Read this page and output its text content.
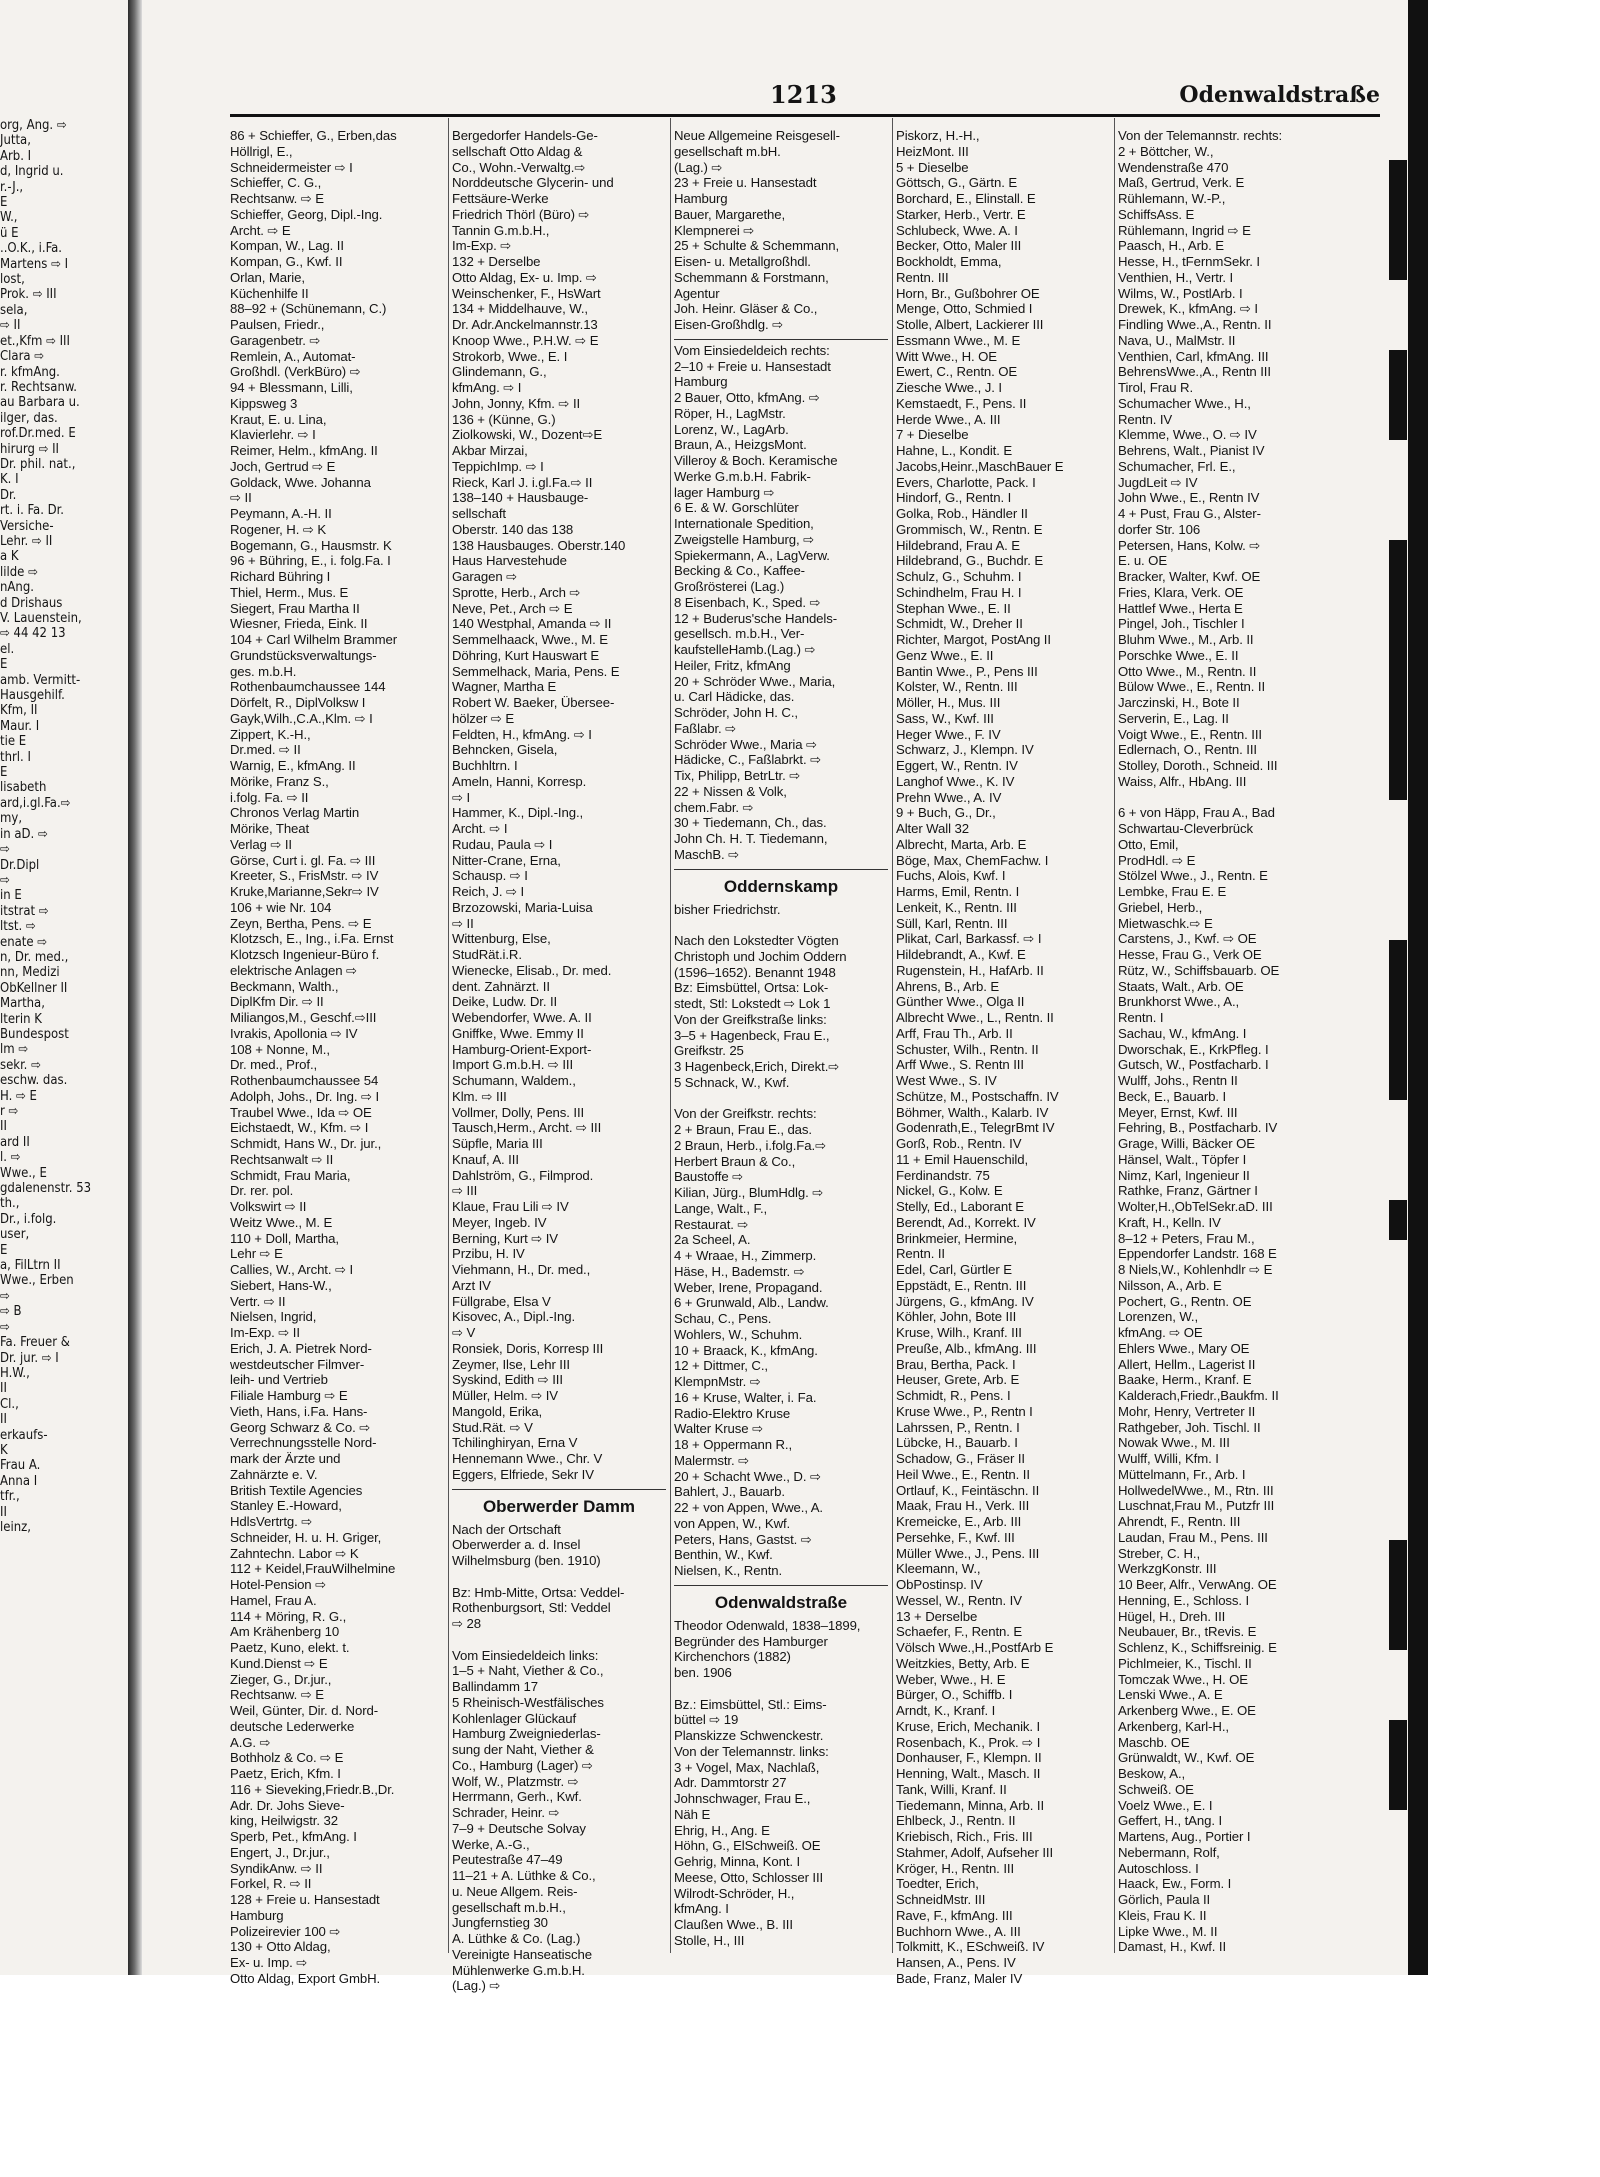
org, Ang. ⇨
Jutta,
Arb. I
d, Ingrid u.
r.-J.,
E
W.,
ü E
..O.K., i.Fa.
Martens ⇨ I
lost,
Prok. ⇨ III
sela,
⇨ II
et.,Kfm ⇨ III
Clara ⇨
r. kfmAng.
r. Rechtsanw.
au Barbara u.
ilger, das.
rof.Dr.med. E
hirurg ⇨ II
Dr. phil. nat.,
K. I
Dr.
rt. i. Fa. Dr.
Versiche-
Lehr. ⇨ II
a K
lilde ⇨
nAng.
d Drishaus
V. Lauenstein,
⇨ 44 42 13
el.
E
amb. Vermitt-
Hausgehilf.
Kfm, II
Maur. I
tie E
thrl. I
E
lisabeth
ard,i.gl.Fa.⇨
my,
in aD. ⇨
⇨
Dr.Dipl
⇨
in E
itstrat ⇨
ltst. ⇨
enate ⇨
n, Dr. med.,
nn, Medizi
ObKellner II
Martha,
lterin K
Bundespost
lm ⇨
sekr. ⇨
eschw. das.
H. ⇨ E
r ⇨
II
ard II
l. ⇨
Wwe., E
gdalenenstr. 53
th.,
Dr., i.folg.
user,
E
a, FilLtrn II
Wwe., Erben
⇨
⇨ B
⇨
Fa. Freuer &
Dr. jur. ⇨ I
H.W.,
II
Cl.,
II
erkaufs-
K
Frau A.
Anna I
tfr.,
II
leinz,
1213	Odenwaldstraße
86 + Schieffer, G., Erben,das
Höllrigl, E.,
Schneidermeister ⇨ I
Schieffer, C. G.,
Rechtsanw. ⇨ E
Schieffer, Georg, Dipl.-Ing.
Archt. ⇨ E
Kompan, W., Lag. II
Kompan, G., Kwf. II
Orlan, Marie,
Küchenhilfe II
88–92 + (Schünemann, C.)
Paulsen, Friedr.,
Garagenbetr. ⇨
Remlein, A., Automat-
Großhdl. (VerkBüro) ⇨
94 + Blessmann, Lilli,
Kippsweg 3
Kraut, E. u. Lina,
Klavierlehr. ⇨ I
Reimer, Helm., kfmAng. II
Joch, Gertrud ⇨ E
Goldack, Wwe. Johanna
⇨ II
Peymann, A.-H. II
Rogener, H. ⇨ K
Bogemann, G., Hausmstr. K
96 + Bühring, E., i. folg.Fa. I
Richard Bühring I
Thiel, Herm., Mus. E
Siegert, Frau Martha II
Wiesner, Frieda, Eink. II
104 + Carl Wilhelm Brammer
Grundstücksverwaltungs-
ges. m.b.H.
Rothenbaumchaussee 144
Dörfelt, R., DiplVolksw I
Gayk,Wilh.,C.A.,Klm. ⇨ I
Zippert, K.-H.,
Dr.med. ⇨ II
Warnig, E., kfmAng. II
Mörike, Franz S.,
i.folg. Fa. ⇨ II
Chronos Verlag Martin
Mörike, Theat
Verlag ⇨ II
Görse, Curt i. gl. Fa. ⇨ III
Kreeter, S., FrisMstr. ⇨ IV
Kruke,Marianne,Sekr⇨ IV
106 + wie Nr. 104
Zeyn, Bertha, Pens. ⇨ E
Klotzsch, E., Ing., i.Fa. Ernst
Klotzsch Ingenieur-Büro f.
elektrische Anlagen ⇨
Beckmann, Walth.,
DiplKfm Dir. ⇨ II
Miliangos,M., Geschf.⇨III
Ivrakis, Apollonia ⇨ IV
108 + Nonne, M.,
Dr. med., Prof.,
Rothenbaumchaussee 54
Adolph, Johs., Dr. Ing. ⇨ I
Traubel Wwe., Ida ⇨ OE
Eichstaedt, W., Kfm. ⇨ I
Schmidt, Hans W., Dr. jur.,
Rechtsanwalt ⇨ II
Schmidt, Frau Maria,
Dr. rer. pol.
Volkswirt ⇨ II
Weitz Wwe., M. E
110 + Doll, Martha,
Lehr ⇨ E
Callies, W., Archt. ⇨ I
Siebert, Hans-W.,
Vertr. ⇨ II
Nielsen, Ingrid,
Im-Exp. ⇨ II
Erich, J. A. Pietrek Nord-
westdeutscher Filmver-
leih- und Vertrieb
Filiale Hamburg ⇨ E
Vieth, Hans, i.Fa. Hans-
Georg Schwarz & Co. ⇨
Verrechnungsstelle Nord-
mark der Ärzte und
Zahnärzte e. V.
British Textile Agencies
Stanley E.-Howard,
HdlsVertrtg. ⇨
Schneider, H. u. H. Griger,
Zahntechn. Labor ⇨ K
112 + Keidel,FrauWilhelmine
Hotel-Pension ⇨
Hamel, Frau A.
114 + Möring, R. G.,
Am Krähenberg 10
Paetz, Kuno, elekt. t.
Kund.Dienst ⇨ E
Zieger, G., Dr.jur.,
Rechtsanw. ⇨ E
Weil, Günter, Dir. d. Nord-
deutsche Lederwerke
A.G. ⇨
Bothholz & Co. ⇨ E
Paetz, Erich, Kfm. I
116 + Sieveking,Friedr.B.,Dr.
Adr. Dr. Johs Sieve-
king, Heilwigstr. 32
Sperb, Pet., kfmAng. I
Engert, J., Dr.jur.,
SyndikAnw. ⇨ II
Forkel, R. ⇨ II
128 + Freie u. Hansestadt
Hamburg
Polizeirevier 100 ⇨
130 + Otto Aldag,
Ex- u. Imp. ⇨
Otto Aldag, Export GmbH.
Bergedorfer Handels-Ge-
sellschaft Otto Aldag &
Co., Wohn.-Verwaltg.⇨
Norddeutsche Glycerin- und
Fettsäure-Werke
Friedrich Thörl (Büro) ⇨
Tannin G.m.b.H.,
Im-Exp. ⇨
132 + Derselbe
Otto Aldag, Ex- u. Imp. ⇨
Weinschenker, F., HsWart
134 + Middelhauve, W.,
Dr. Adr.Anckelmannstr.13
Knoop Wwe., P.H.W. ⇨ E
Strokorb, Wwe., E. I
Glindemann, G.,
kfmAng. ⇨ I
John, Jonny, Kfm. ⇨ II
136 + (Künne, G.)
Ziolkowski, W., Dozent⇨E
Akbar Mirzai,
TeppichImp. ⇨ I
Rieck, Karl J. i.gl.Fa.⇨ II
138–140 + Hausbauge-
sellschaft
Oberstr. 140 das 138
138 Hausbauges. Oberstr.140
Haus Harvestehude
Garagen ⇨
Sprotte, Herb., Arch ⇨
Neve, Pet., Arch ⇨ E
140 Westphal, Amanda ⇨ II
Semmelhaack, Wwe., M. E
Döhring, Kurt Hauswart E
Semmelhack, Maria, Pens. E
Wagner, Martha E
Robert W. Baeker, Übersee-
hölzer ⇨ E
Feldten, H., kfmAng. ⇨ I
Behncken, Gisela,
Buchhltrn. I
Ameln, Hanni, Korresp.
⇨ I
Hammer, K., Dipl.-Ing.,
Archt. ⇨ I
Rudau, Paula ⇨ I
Nitter-Crane, Erna,
Schausp. ⇨ I
Reich, J. ⇨ I
Brzozowski, Maria-Luisa
⇨ II
Wittenburg, Else,
StudRät.i.R.
Wienecke, Elisab., Dr. med.
dent. Zahnärzt. II
Deike, Ludw. Dr. II
Webendorfer, Wwe. A. II
Gniffke, Wwe. Emmy II
Hamburg-Orient-Export-
Import G.m.b.H. ⇨ III
Schumann, Waldem.,
Klm. ⇨ III
Vollmer, Dolly, Pens. III
Tausch,Herm., Archt. ⇨ III
Süpfle, Maria III
Knauf, A. III
Dahlström, G., Filmprod.
⇨ III
Klaue, Frau Lili ⇨ IV
Meyer, Ingeb. IV
Berning, Kurt ⇨ IV
Przibu, H. IV
Viehmann, H., Dr. med.,
Arzt IV
Füllgrabe, Elsa V
Kisovec, A., Dipl.-Ing.
⇨ V
Ronsiek, Doris, Korresp III
Zeymer, Ilse, Lehr III
Syskind, Edith ⇨ III
Müller, Helm. ⇨ IV
Mangold, Erika,
Stud.Rät. ⇨ V
Tchilinghiryan, Erna V
Hennemann Wwe., Chr. V
Eggers, Elfriede, Sekr IV
Oberwerder Damm
Nach der Ortschaft
Oberwerder a. d. Insel
Wilhelmsburg (ben. 1910)

Bz: Hmb-Mitte, Ortsa: Veddel-
Rothenburgsort, Stl: Veddel
⇨ 28

Vom Einsiedeldeich links:
1–5 + Naht, Viether & Co.,
Ballindamm 17
5 Rheinisch-Westfälisches
Kohlenlager Glückauf
Hamburg Zweigniederlas-
sung der Naht, Viether &
Co., Hamburg (Lager) ⇨
Wolf, W., Platzmstr. ⇨
Herrmann, Gerh., Kwf.
Schrader, Heinr. ⇨
7–9 + Deutsche Solvay
Werke, A.-G.,
Peutestraße 47–49
11–21 + A. Lüthke & Co.,
u. Neue Allgem. Reis-
gesellschaft m.b.H.,
Jungfernstieg 30
A. Lüthke & Co. (Lag.)
Vereinigte Hanseatische
Mühlenwerke G.m.b.H.
(Lag.) ⇨
Neue Allgemeine Reisgesell-
gesellschaft m.bH.
(Lag.) ⇨
23 + Freie u. Hansestadt
Hamburg
Bauer, Margarethe,
Klempnerei ⇨
25 + Schulte & Schemmann,
Eisen- u. Metallgroßhdl.
Schemmann & Forstmann,
Agentur
Joh. Heinr. Gläser & Co.,
Eisen-Großhdlg. ⇨
Vom Einsiedeldeich rechts:
2–10 + Freie u. Hansestadt
Hamburg
2 Bauer, Otto, kfmAng. ⇨
Röper, H., LagMstr.
Lorenz, W., LagArb.
Braun, A., HeizgsMont.
Villeroy & Boch. Keramische
Werke G.m.b.H. Fabrik-
lager Hamburg ⇨
6 E. & W. Gorschlüter
Internationale Spedition,
Zweigstelle Hamburg, ⇨
Spiekermann, A., LagVerw.
Becking & Co., Kaffee-
Großrösterei (Lag.)
8 Eisenbach, K., Sped. ⇨
12 + Buderus'sche Handels-
gesellsch. m.b.H., Ver-
kaufstelleHamb.(Lag.) ⇨
Heiler, Fritz, kfmAng
20 + Schröder Wwe., Maria,
u. Carl Hädicke, das.
Schröder, John H. C.,
Faßlabr. ⇨
Schröder Wwe., Maria ⇨
Hädicke, C., Faßlabrkt. ⇨
Tix, Philipp, BetrLtr. ⇨
22 + Nissen & Volk,
chem.Fabr. ⇨
30 + Tiedemann, Ch., das.
John Ch. H. T. Tiedemann,
MaschB. ⇨
Oddernskamp
bisher Friedrichstr.

Nach den Lokstedter Vögten
Christoph und Jochim Oddern
(1596–1652). Benannt 1948
Bz: Eimsbüttel, Ortsa: Lok-
stedt, Stl: Lokstedt ⇨ Lok 1
Von der Greifkstraße links:
3–5 + Hagenbeck, Frau E.,
Greifkstr. 25
3 Hagenbeck,Erich, Direkt.⇨
5 Schnack, W., Kwf.

Von der Greifkstr. rechts:
2 + Braun, Frau E., das.
2 Braun, Herb., i.folg.Fa.⇨
Herbert Braun & Co.,
Baustoffe ⇨
Kilian, Jürg., BlumHdlg. ⇨
Lange, Walt., F.,
Restaurat. ⇨
2a Scheel, A.
4 + Wraae, H., Zimmerp.
Häse, H., Bademstr. ⇨
Weber, Irene, Propagand.
6 + Grunwald, Alb., Landw.
Schau, C., Pens.
Wohlers, W., Schuhm.
10 + Braack, K., kfmAng.
12 + Dittmer, C.,
KlempnMstr. ⇨
16 + Kruse, Walter, i. Fa.
Radio-Elektro Kruse
Walter Kruse ⇨
18 + Oppermann R.,
Malermstr. ⇨
20 + Schacht Wwe., D. ⇨
Bahlert, J., Bauarb.
22 + von Appen, Wwe., A.
von Appen, W., Kwf.
Peters, Hans, Gastst. ⇨
Benthin, W., Kwf.
Nielsen, K., Rentn.
Odenwaldstraße
Theodor Odenwald, 1838–1899,
Begründer des Hamburger
Kirchenchors (1882)
ben. 1906

Bz.: Eimsbüttel, Stl.: Eims-
büttel ⇨ 19
Planskizze Schwenckestr.
Von der Telemannstr. links:
3 + Vogel, Max, Nachlaß,
Adr. Dammtorstr 27
Johnschwager, Frau E.,
Näh E
Ehrig, H., Ang. E
Höhn, G., ElSchweiß. OE
Gehrig, Minna, Kont. I
Meese, Otto, Schlosser III
Wilrodt-Schröder, H.,
kfmAng. I
Claußen Wwe., B. III
Stolle, H., III
Piskorz, H.-H.,
HeizMont. III
5 + Dieselbe
Göttsch, G., Gärtn. E
Borchard, E., Elinstall. E
Starker, Herb., Vertr. E
Schlubeck, Wwe. A. I
Becker, Otto, Maler III
Bockholdt, Emma,
Rentn. III
Horn, Br., Gußbohrer OE
Menge, Otto, Schmied I
Stolle, Albert, Lackierer III
Essmann Wwe., M. E
Witt Wwe., H. OE
Ewert, C., Rentn. OE
Ziesche Wwe., J. I
Kemstaedt, F., Pens. II
Herde Wwe., A. III
7 + Dieselbe
Hahne, L., Kondit. E
Jacobs,Heinr.,MaschBauer E
Evers, Charlotte, Pack. I
Hindorf, G., Rentn. I
Golka, Rob., Händler II
Grommisch, W., Rentn. E
Hildebrand, Frau A. E
Hildebrand, G., Buchdr. E
Schulz, G., Schuhm. I
Schindhelm, Frau H. I
Stephan Wwe., E. II
Schmidt, W., Dreher II
Richter, Margot, PostAng II
Genz Wwe., E. II
Bantin Wwe., P., Pens III
Kolster, W., Rentn. III
Möller, H., Mus. III
Sass, W., Kwf. III
Heger Wwe., F. IV
Schwarz, J., Klempn. IV
Eggert, W., Rentn. IV
Langhof Wwe., K. IV
Prehn Wwe., A. IV
9 + Buch, G., Dr.,
Alter Wall 32
Albrecht, Marta, Arb. E
Böge, Max, ChemFachw. I
Fuchs, Alois, Kwf. I
Harms, Emil, Rentn. I
Lenkeit, K., Rentn. III
Süll, Karl, Rentn. III
Plikat, Carl, Barkassf. ⇨ I
Hildebrandt, A., Kwf. E
Rugenstein, H., HafArb. II
Ahrens, B., Arb. E
Günther Wwe., Olga II
Albrecht Wwe., L., Rentn. II
Arff, Frau Th., Arb. II
Schuster, Wilh., Rentn. II
Arff Wwe., S. Rentn III
West Wwe., S. IV
Schütze, M., Postschaffn. IV
Böhmer, Walth., Kalarb. IV
Godenrath,E., TelegrBmt IV
Gorß, Rob., Rentn. IV
11 + Emil Hauenschild,
Ferdinandstr. 75
Nickel, G., Kolw. E
Stelly, Ed., Laborant E
Berendt, Ad., Korrekt. IV
Brinkmeier, Hermine,
Rentn. II
Edel, Carl, Gürtler E
Eppstädt, E., Rentn. III
Jürgens, G., kfmAng. IV
Köhler, John, Bote III
Kruse, Wilh., Kranf. III
Preuße, Alb., kfmAng. III
Brau, Bertha, Pack. I
Heuser, Grete, Arb. E
Schmidt, R., Pens. I
Kruse Wwe., P., Rentn I
Lahrssen, P., Rentn. I
Lübcke, H., Bauarb. I
Schadow, G., Fräser II
Heil Wwe., E., Rentn. II
Ortlauf, K., Feintäschn. II
Maak, Frau H., Verk. III
Kremeicke, E., Arb. III
Persehke, F., Kwf. III
Müller Wwe., J., Pens. III
Kleemann, W.,
ObPostinsp. IV
Wessel, W., Rentn. IV
13 + Derselbe
Schaefer, F., Rentn. E
Völsch Wwe.,H.,PostfArb E
Weitzkies, Betty, Arb. E
Weber, Wwe., H. E
Bürger, O., Schiffb. I
Arndt, K., Kranf. I
Kruse, Erich, Mechanik. I
Rosenbach, K., Prok. ⇨ I
Donhauser, F., Klempn. II
Henning, Walt., Masch. II
Tank, Willi, Kranf. II
Tiedemann, Minna, Arb. II
Ehlbeck, J., Rentn. II
Kriebisch, Rich., Fris. III
Stahmer, Adolf, Aufseher III
Kröger, H., Rentn. III
Toedter, Erich,
SchneidMstr. III
Rave, F., kfmAng. III
Buchhorn Wwe., A. III
Tolkmitt, K., ESchweiß. IV
Hansen, A., Pens. IV
Bade, Franz, Maler IV
Von der Telemannstr. rechts:
2 + Böttcher, W.,
Wendenstraße 470
Maß, Gertrud, Verk. E
Rühlemann, W.-P.,
SchiffsAss. E
Rühlemann, Ingrid ⇨ E
Paasch, H., Arb. E
Hesse, H., tFernmSekr. I
Venthien, H., Vertr. I
Wilms, W., PostlArb. I
Drewek, K., kfmAng. ⇨ I
Findling Wwe.,A., Rentn. II
Nava, U., MalMstr. II
Venthien, Carl, kfmAng. III
BehrensWwe.,A., Rentn III
Tirol, Frau R.
Schumacher Wwe., H.,
Rentn. IV
Klemme, Wwe., O. ⇨ IV
Behrens, Walt., Pianist IV
Schumacher, Frl. E.,
JugdLeit ⇨ IV
John Wwe., E., Rentn IV
4 + Pust, Frau G., Alster-
dorfer Str. 106
Petersen, Hans, Kolw. ⇨
E. u. OE
Bracker, Walter, Kwf. OE
Fries, Klara, Verk. OE
Hattlef Wwe., Herta E
Pingel, Joh., Tischler I
Bluhm Wwe., M., Arb. II
Porschke Wwe., E. II
Otto Wwe., M., Rentn. II
Bülow Wwe., E., Rentn. II
Jarczinski, H., Bote II
Serverin, E., Lag. II
Voigt Wwe., E., Rentn. III
Edlernach, O., Rentn. III
Stolley, Doroth., Schneid. III
Waiss, Alfr., HbAng. III

6 + von Häpp, Frau A., Bad
Schwartau-Cleverbrück
Otto, Emil,
ProdHdl. ⇨ E
Stölzel Wwe., J., Rentn. E
Lembke, Frau E. E
Griebel, Herb.,
Mietwaschk.⇨ E
Carstens, J., Kwf. ⇨ OE
Hesse, Frau G., Verk OE
Rütz, W., Schiffsbauarb. OE
Staats, Walt., Arb. OE
Brunkhorst Wwe., A.,
Rentn. I
Sachau, W., kfmAng. I
Dworschak, E., KrkPfleg. I
Gutsch, W., Postfacharb. I
Wulff, Johs., Rentn II
Beck, E., Bauarb. I
Meyer, Ernst, Kwf. III
Fehring, B., Postfacharb. IV
Grage, Willi, Bäcker OE
Hänsel, Walt., Töpfer I
Nimz, Karl, Ingenieur II
Rathke, Franz, Gärtner I
Wolter,H.,ObTelSekr.aD. III
Kraft, H., Kelln. IV
8–12 + Peters, Frau M.,
Eppendorfer Landstr. 168 E
8 Niels,W., Kohlenhdlr ⇨ E
Nilsson, A., Arb. E
Pochert, G., Rentn. OE
Lorenzen, W.,
kfmAng. ⇨ OE
Ehlers Wwe., Mary OE
Allert, Hellm., Lagerist II
Baake, Herm., Kranf. E
Kalderach,Friedr.,Baukfm. II
Mohr, Henry, Vertreter II
Rathgeber, Joh. Tischl. II
Nowak Wwe., M. III
Wulff, Willi, Kfm. I
Müttelmann, Fr., Arb. I
HollwedelWwe., M., Rtn. III
Luschnat,Frau M., Putzfr III
Ahrendt, F., Rentn. III
Laudan, Frau M., Pens. III
Streber, C. H.,
WerkzgKonstr. III
10 Beer, Alfr., VerwAng. OE
Henning, E., Schloss. I
Hügel, H., Dreh. III
Neubauer, Br., tRevis. E
Schlenz, K., Schiffsreinig. E
Pichlmeier, K., Tischl. II
Tomczak Wwe., H. OE
Lenski Wwe., A. E
Arkenberg Wwe., E. OE
Arkenberg, Karl-H.,
Maschb. OE
Grünwaldt, W., Kwf. OE
Beskow, A.,
Schweiß. OE
Voelz Wwe., E. I
Geffert, H., tAng. I
Martens, Aug., Portier I
Nebermann, Rolf,
Autoschloss. I
Haack, Ew., Form. I
Görlich, Paula II
Kleis, Frau K. II
Lipke Wwe., M. II
Damast, H., Kwf. II
